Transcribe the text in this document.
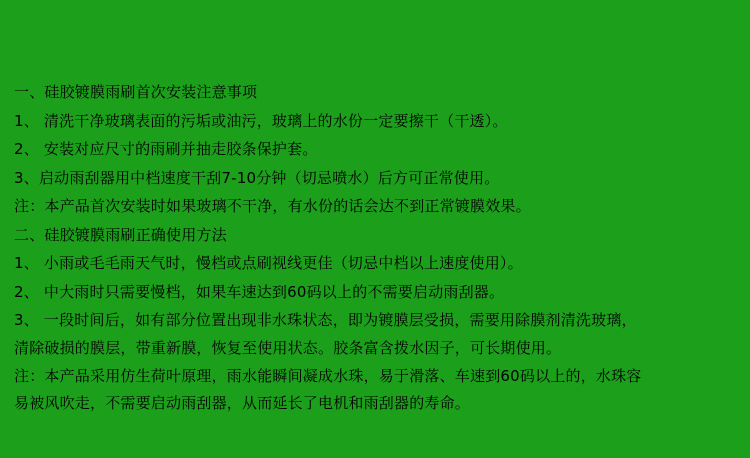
一、硅胶镀膜雨刷首次安装注意事项
1、 清洗干净玻璃表面的污垢或油污，玻璃上的水份一定要擦干（干透）。
2、 安装对应尺寸的雨刷并抽走胶条保护套。
3、启动雨刮器用中档速度干刮7-10分钟（切忌喷水）后方可正常使用。
注：本产品首次安装时如果玻璃不干净，有水份的话会达不到正常镀膜效果。
二、硅胶镀膜雨刷正确使用方法
1、 小雨或毛毛雨天气时，慢档或点刷视线更佳（切忌中档以上速度使用）。
2、 中大雨时只需要慢档，如果车速达到60码以上的不需要启动雨刮器。
3、 一段时间后，如有部分位置出现非水珠状态，即为镀膜层受损，需要用除膜剂清洗玻璃，
清除破损的膜层，带重新膜，恢复至使用状态。胶条富含拨水因子，可长期使用。
注：本产品采用仿生荷叶原理，雨水能瞬间凝成水珠，易于滑落、车速到60码以上的，水珠容
易被风吹走，不需要启动雨刮器，从而延长了电机和雨刮器的寿命。
